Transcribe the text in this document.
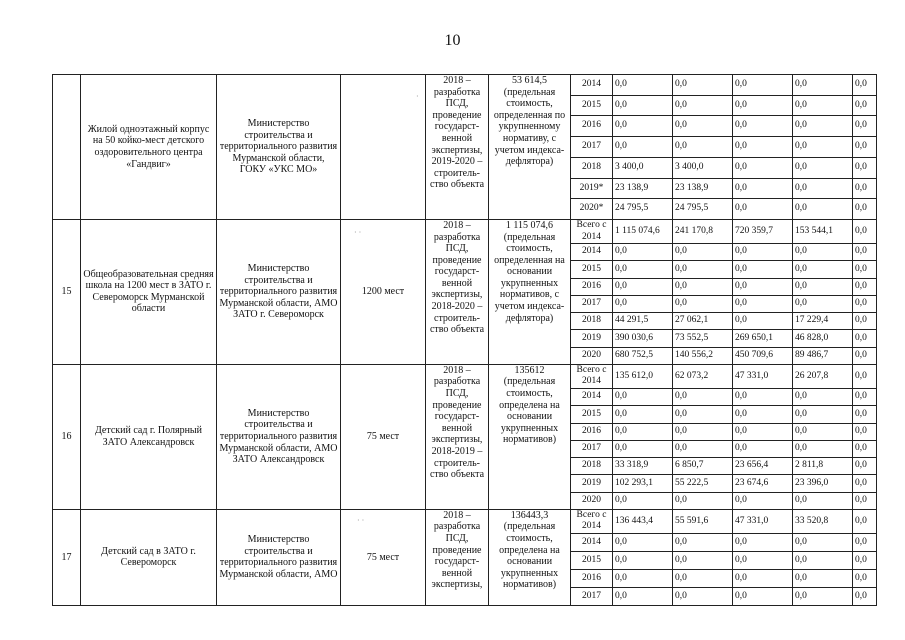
10
	Жилой одноэтажный корпус на 50 койко-мест детского оздоровительного центра «Гандвиг»	Министерство строительства и территориального развития Мурманской области, ГОКУ «УКС МО»		2018 – разработка ПСД, проведение государст-венной экспертизы, 2019-2020 – строитель-ство объекта	53 614,5 (предельная стоимость, определенная по укрупненному нормативу, с учетом индекса-дефлятора)	2014	0,0	0,0	0,0	0,0	0,0
						2015	0,0	0,0	0,0	0,0	0,0
						2016	0,0	0,0	0,0	0,0	0,0
						2017	0,0	0,0	0,0	0,0	0,0
						2018	3 400,0	3 400,0	0,0	0,0	0,0
						2019*	23 138,9	23 138,9	0,0	0,0	0,0
						2020*	24 795,5	24 795,5	0,0	0,0	0,0
15	Общеобразовательная средняя школа на 1200 мест в ЗАТО г. Североморск Мурманской области	Министерство строительства и территориального развития Мурманской области, АМО ЗАТО г. Североморск	1200 мест	2018 – разработка ПСД, проведение государст-венной экспертизы, 2018-2020 – строитель-ство объекта	1 115 074,6 (предельная стоимость, определенная на основании укрупненных нормативов, с учетом индекса-дефлятора)	Всего с 2014	1 115 074,6	241 170,8	720 359,7	153 544,1	0,0
						2014	0,0	0,0	0,0	0,0	0,0
						2015	0,0	0,0	0,0	0,0	0,0
						2016	0,0	0,0	0,0	0,0	0,0
						2017	0,0	0,0	0,0	0,0	0,0
						2018	44 291,5	27 062,1	0,0	17 229,4	0,0
						2019	390 030,6	73 552,5	269 650,1	46 828,0	0,0
						2020	680 752,5	140 556,2	450 709,6	89 486,7	0,0
16	Детский сад г. Полярный ЗАТО Александровск	Министерство строительства и территориального развития Мурманской области, АМО ЗАТО Александровск	75 мест	2018 – разработка ПСД, проведение государст-венной экспертизы, 2018-2019 – строитель-ство объекта	135612 (предельная стоимость, определена на основании укрупненных нормативов)	Всего с 2014	135 612,0	62 073,2	47 331,0	26 207,8	0,0
						2014	0,0	0,0	0,0	0,0	0,0
						2015	0,0	0,0	0,0	0,0	0,0
						2016	0,0	0,0	0,0	0,0	0,0
						2017	0,0	0,0	0,0	0,0	0,0
						2018	33 318,9	6 850,7	23 656,4	2 811,8	0,0
						2019	102 293,1	55 222,5	23 674,6	23 396,0	0,0
						2020	0,0	0,0	0,0	0,0	0,0
17	Детский сад в ЗАТО г. Североморск	Министерство строительства и территориального развития Мурманской области, АМО	75 мест	2018 – разработка ПСД, проведение государст-венной экспертизы,	136443,3 (предельная стоимость, определена на основании укрупненных нормативов)	Всего с 2014	136 443,4	55 591,6	47 331,0	33 520,8	0,0
						2014	0,0	0,0	0,0	0,0	0,0
						2015	0,0	0,0	0,0	0,0	0,0
						2016	0,0	0,0	0,0	0,0	0,0
						2017	0,0	0,0	0,0	0,0	0,0
·
· ·
· ·
